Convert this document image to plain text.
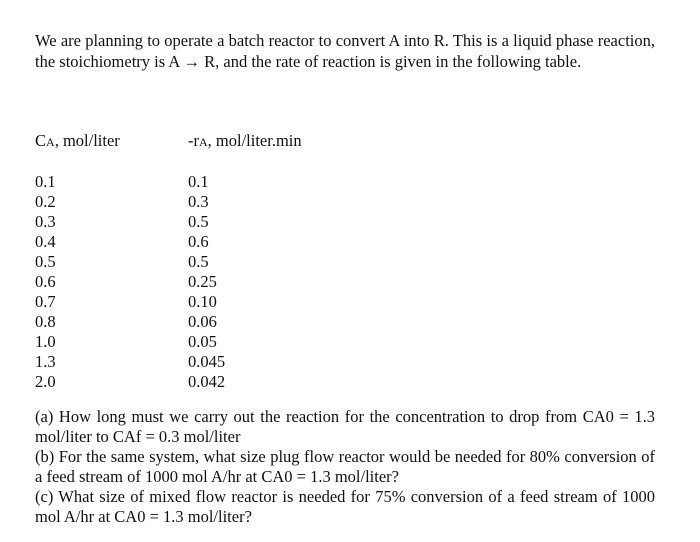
We are planning to operate a batch reactor to convert A into R. This is a liquid phase reaction, the stoichiometry is A → R, and the rate of reaction is given in the following table.

CA, mol/liter	-rA, mol/liter.min

0.1
0.2
0.3
0.4
0.5
0.6
0.7
0.8
1.0
1.3
2.0
0.1
0.3
0.5
0.6
0.5
0.25
0.10
0.06
0.05
0.045
0.042

(a) How long must we carry out the reaction for the concentration to drop from CA0 = 1.3 mol/liter to CAf = 0.3 mol/liter

(b) For the same system, what size plug flow reactor would be needed for 80% conversion of a feed stream of 1000 mol A/hr at CA0 = 1.3 mol/liter?

(c) What size of mixed flow reactor is needed for 75% conversion of a feed stream of 1000 mol A/hr at CA0 = 1.3 mol/liter?
